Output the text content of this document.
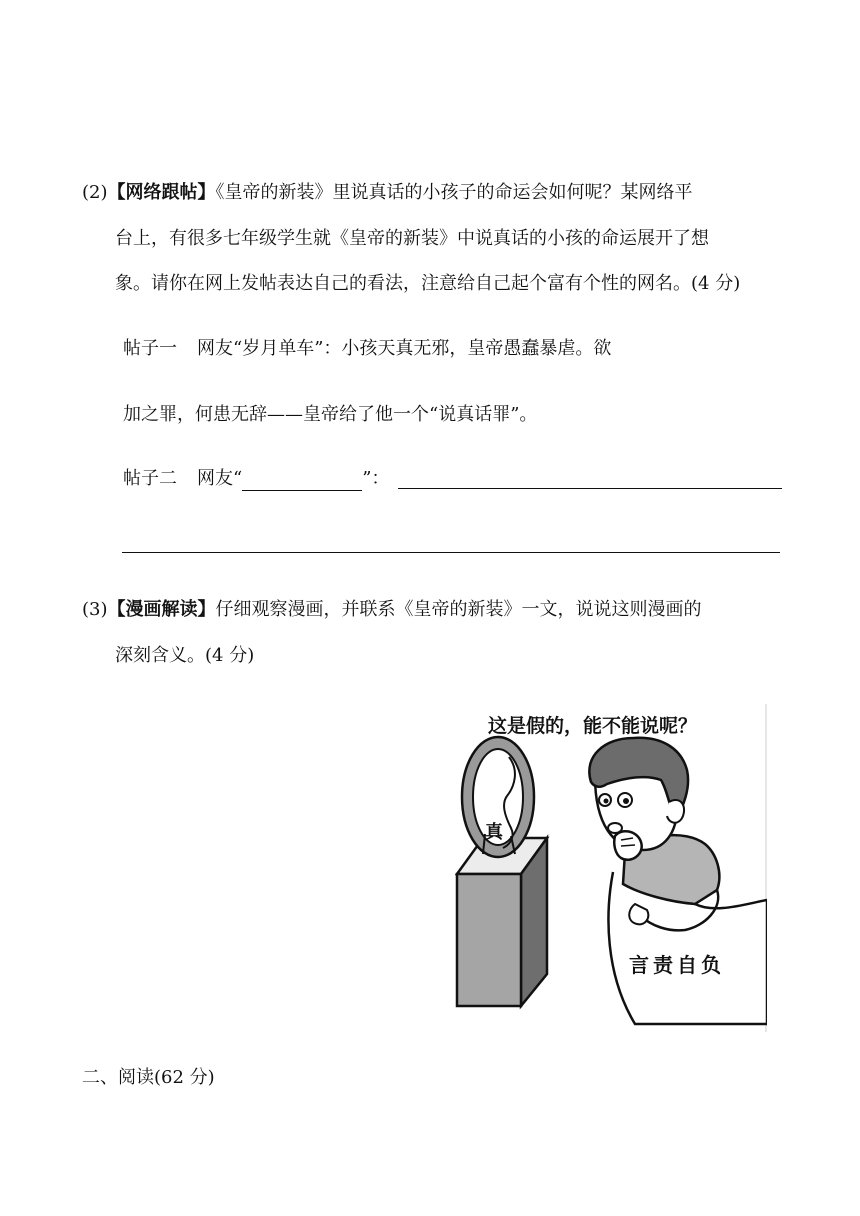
(2)【网络跟帖】《皇帝的新装》里说真话的小孩子的命运会如何呢？某网络平
台上，有很多七年级学生就《皇帝的新装》中说真话的小孩的命运展开了想
象。请你在网上发帖表达自己的看法，注意给自己起个富有个性的网名。(4 分)
帖子一 网友“岁月单车”：小孩天真无邪，皇帝愚蠢暴虐。欲
加之罪，何患无辞——皇帝给了他一个“说真话罪”。
帖子二 网友“	”：
(3)【漫画解读】仔细观察漫画，并联系《皇帝的新装》一文，说说这则漫画的
深刻含义。(4 分)
这是假的，能不能说呢？
真
言责自负
二、阅读(62 分)
